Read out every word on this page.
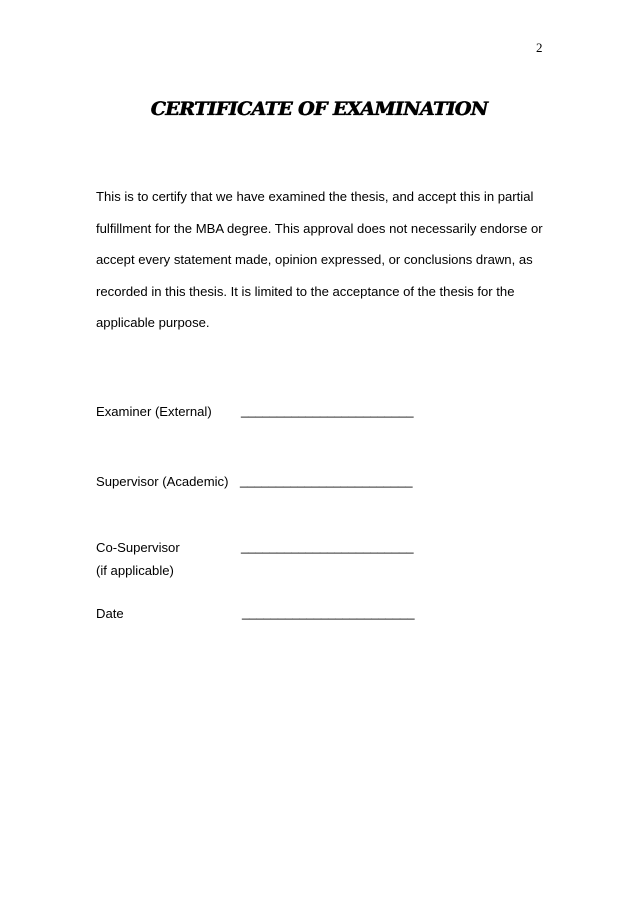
2
CERTIFICATE OF EXAMINATION

This is to certify that we have examined the thesis, and accept this in partial
fulfillment for the MBA degree. This approval does not necessarily endorse or
accept every statement made, opinion expressed, or conclusions drawn, as
recorded in this thesis. It is limited to the acceptance of the thesis for the
applicable purpose.

Examiner (External) ________________________
Supervisor (Academic) ________________________
Co-Supervisor	________________________
(if applicable)
Date	________________________
